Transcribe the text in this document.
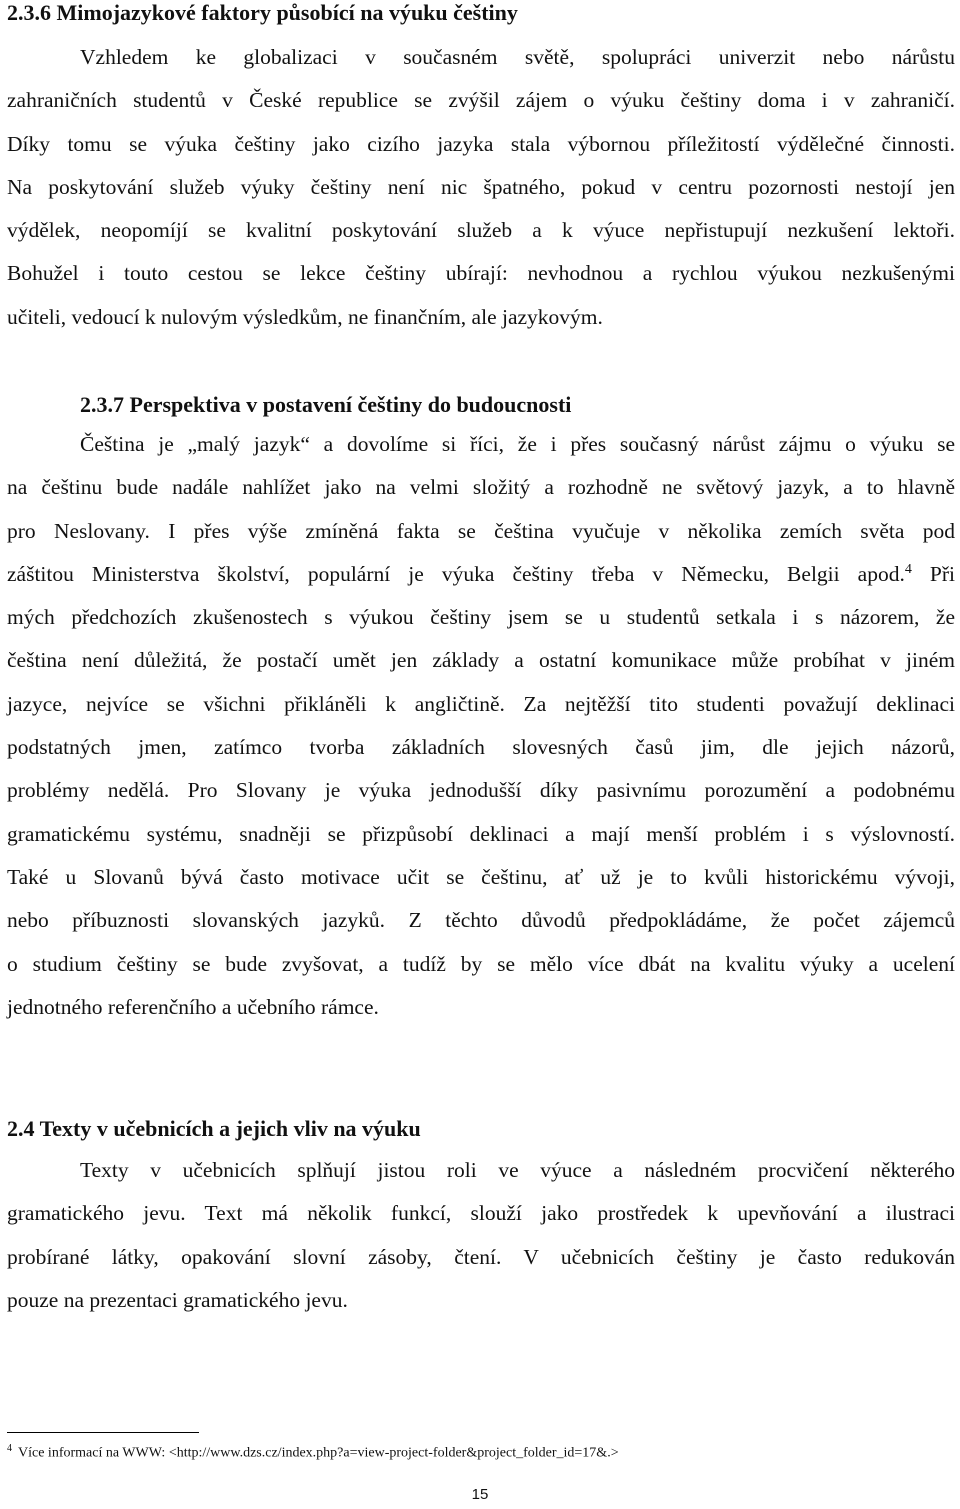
2.3.6 Mimojazykové faktory působící na výuku češtiny
Vzhledem ke globalizaci v současném světě, spolupráci univerzit nebo nárůstu
zahraničních studentů v České republice se zvýšil zájem o výuku češtiny doma i v zahraničí.
Díky tomu se výuka češtiny jako cizího jazyka stala výbornou příležitostí výdělečné činnosti.
Na poskytování služeb výuky češtiny není nic špatného, pokud v centru pozornosti nestojí jen
výdělek, neopomíjí se kvalitní poskytování služeb a k výuce nepřistupují nezkušení lektoři.
Bohužel i touto cestou se lekce češtiny ubírají: nevhodnou a rychlou výukou nezkušenými
učiteli, vedoucí k nulovým výsledkům, ne finančním, ale jazykovým.
2.3.7 Perspektiva v postavení češtiny do budoucnosti
Čeština je „malý jazyk“ a dovolíme si říci, že i přes současný nárůst zájmu o výuku se
na češtinu bude nadále nahlížet jako na velmi složitý a rozhodně ne světový jazyk, a to hlavně
pro Neslovany. I přes výše zmíněná fakta se čeština vyučuje v několika zemích světa pod
záštitou Ministerstva školství, populární je výuka češtiny třeba v Německu, Belgii apod.$^4$ Při
mých předchozích zkušenostech s výukou češtiny jsem se u studentů setkala i s názorem, že
čeština není důležitá, že postačí umět jen základy a ostatní komunikace může probíhat v jiném
jazyce, nejvíce se všichni přikláněli k angličtině. Za nejtěžší tito studenti považují deklinaci
podstatných jmen, zatímco tvorba základních slovesných časů jim, dle jejich názorů,
problémy nedělá. Pro Slovany je výuka jednodušší díky pasivnímu porozumění a podobnému
gramatickému systému, snadněji se přizpůsobí deklinaci a mají menší problém i s výslovností.
Také u Slovanů bývá často motivace učit se češtinu, ať už je to kvůli historickému vývoji,
nebo příbuznosti slovanských jazyků. Z těchto důvodů předpokládáme, že počet zájemců
o studium češtiny se bude zvyšovat, a tudíž by se mělo více dbát na kvalitu výuky a ucelení
jednotného referenčního a učebního rámce.
2.4 Texty v učebnicích a jejich vliv na výuku
Texty v učebnicích splňují jistou roli ve výuce a následném procvičení některého
gramatického jevu. Text má několik funkcí, slouží jako prostředek k upevňování a ilustraci
probírané látky, opakování slovní zásoby, čtení. V učebnicích češtiny je často redukován
pouze na prezentaci gramatického jevu.
$^4$ Více informací na WWW: <http://www.dzs.cz/index.php?a=view-project-folder&project_folder_id=17&.>
15
